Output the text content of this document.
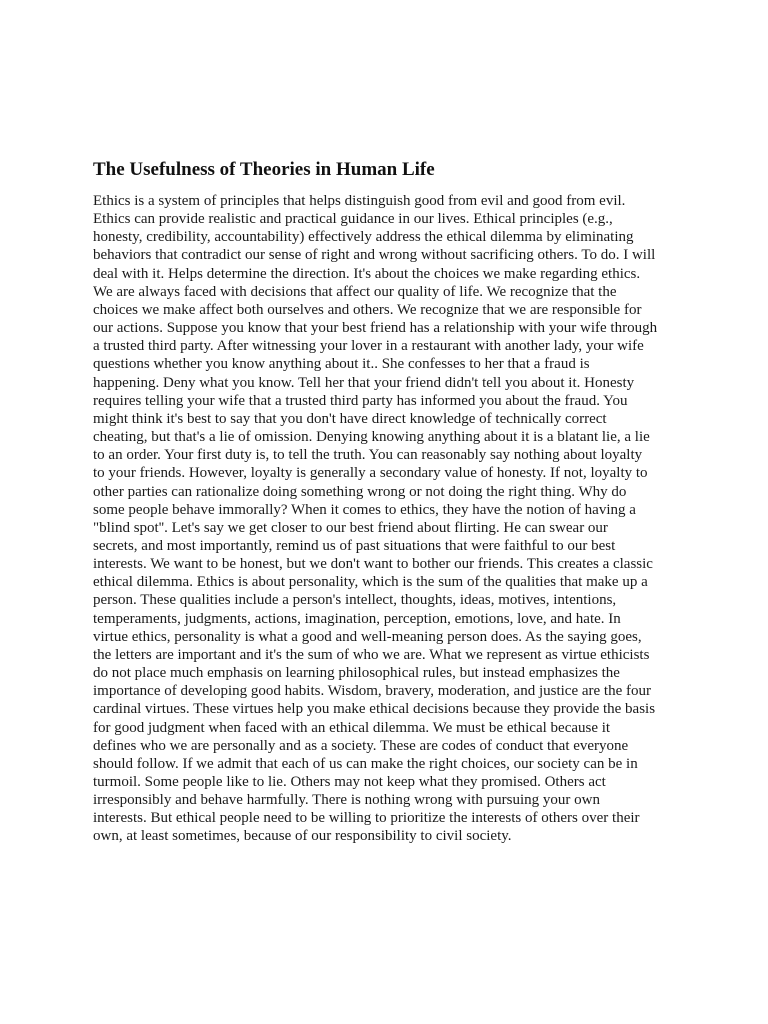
The Usefulness of Theories in Human Life
Ethics is a system of principles that helps distinguish good from evil and good from evil.
Ethics can provide realistic and practical guidance in our lives. Ethical principles (e.g.,
honesty, credibility, accountability) effectively address the ethical dilemma by eliminating
behaviors that contradict our sense of right and wrong without sacrificing others. To do. I will
deal with it. Helps determine the direction. It's about the choices we make regarding ethics.
We are always faced with decisions that affect our quality of life. We recognize that the
choices we make affect both ourselves and others. We recognize that we are responsible for
our actions. Suppose you know that your best friend has a relationship with your wife through
a trusted third party. After witnessing your lover in a restaurant with another lady, your wife
questions whether you know anything about it.. She confesses to her that a fraud is
happening. Deny what you know. Tell her that your friend didn't tell you about it. Honesty
requires telling your wife that a trusted third party has informed you about the fraud. You
might think it's best to say that you don't have direct knowledge of technically correct
cheating, but that's a lie of omission. Denying knowing anything about it is a blatant lie, a lie
to an order. Your first duty is, to tell the truth. You can reasonably say nothing about loyalty
to your friends. However, loyalty is generally a secondary value of honesty. If not, loyalty to
other parties can rationalize doing something wrong or not doing the right thing. Why do
some people behave immorally? When it comes to ethics, they have the notion of having a
"blind spot''. Let's say we get closer to our best friend about flirting. He can swear our
secrets, and most importantly, remind us of past situations that were faithful to our best
interests. We want to be honest, but we don't want to bother our friends. This creates a classic
ethical dilemma. Ethics is about personality, which is the sum of the qualities that make up a
person. These qualities include a person's intellect, thoughts, ideas, motives, intentions,
temperaments, judgments, actions, imagination, perception, emotions, love, and hate. In
virtue ethics, personality is what a good and well-meaning person does. As the saying goes,
the letters are important and it's the sum of who we are. What we represent as virtue ethicists
do not place much emphasis on learning philosophical rules, but instead emphasizes the
importance of developing good habits. Wisdom, bravery, moderation, and justice are the four
cardinal virtues. These virtues help you make ethical decisions because they provide the basis
for good judgment when faced with an ethical dilemma. We must be ethical because it
defines who we are personally and as a society. These are codes of conduct that everyone
should follow. If we admit that each of us can make the right choices, our society can be in
turmoil. Some people like to lie. Others may not keep what they promised. Others act
irresponsibly and behave harmfully. There is nothing wrong with pursuing your own
interests. But ethical people need to be willing to prioritize the interests of others over their
own, at least sometimes, because of our responsibility to civil society.
